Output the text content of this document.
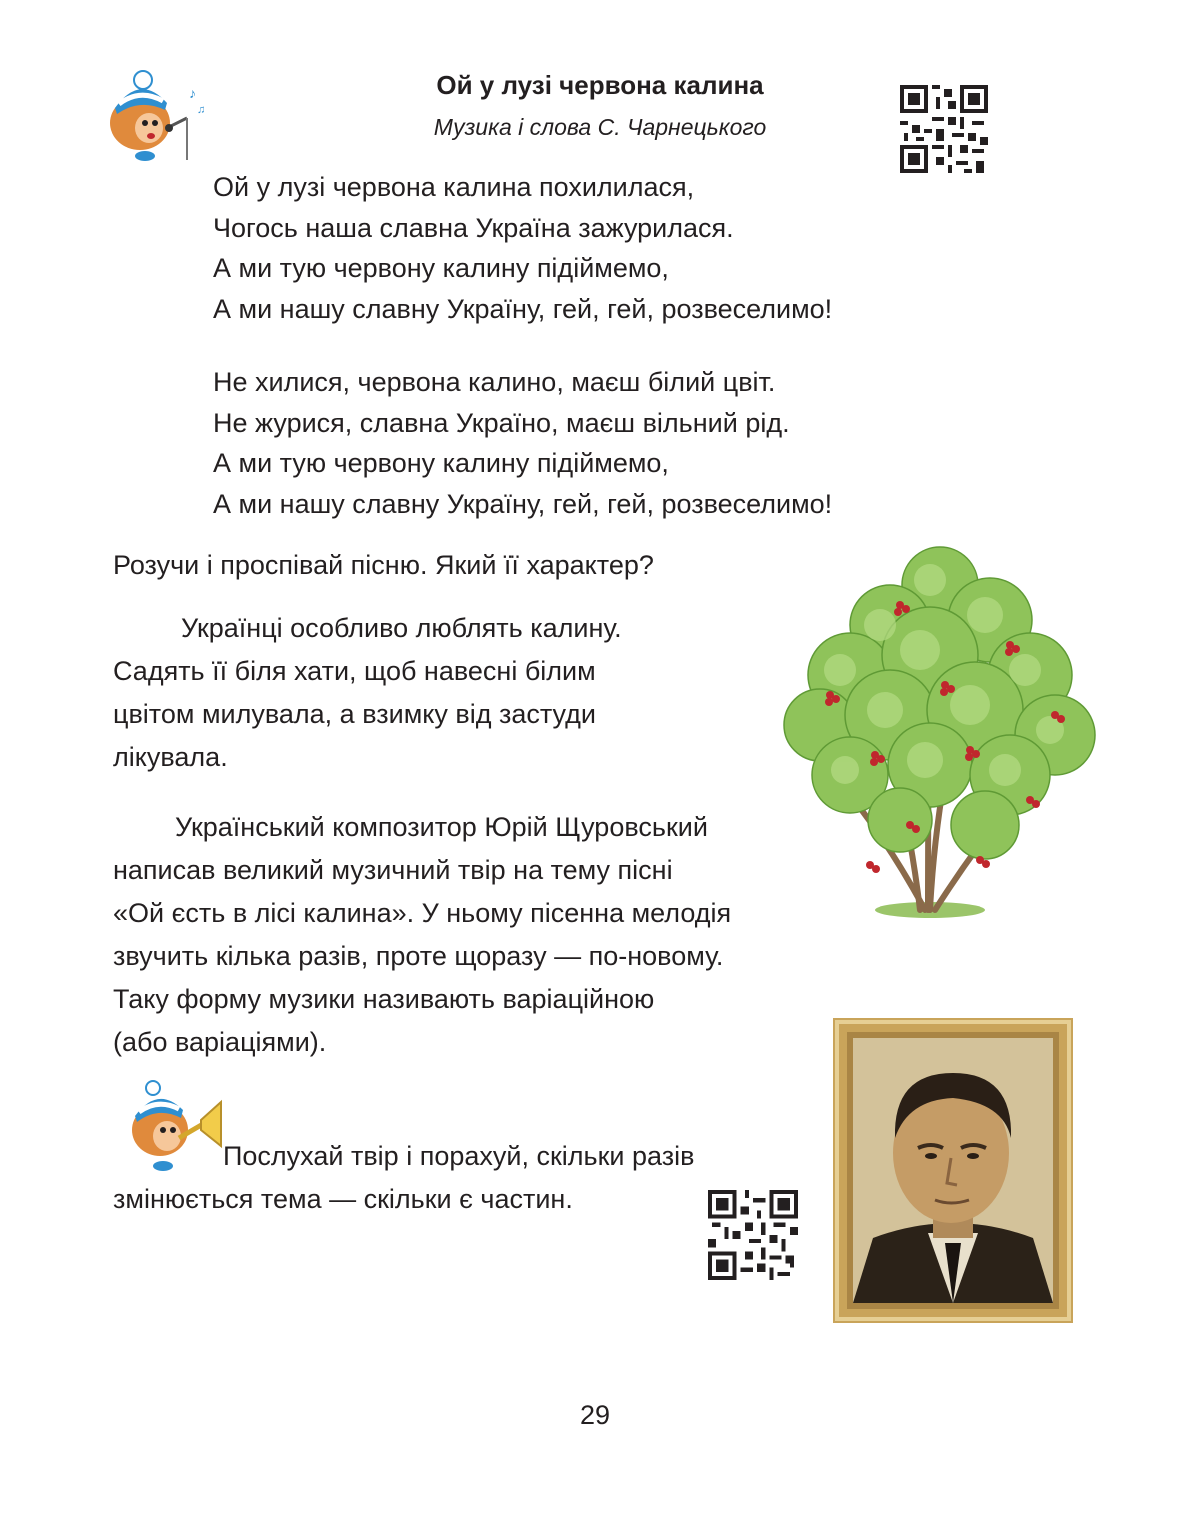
♪
♫
Ой у лузі червона калина
Музика і слова С. Чарнецького
Ой у лузі червона калина похилилася,
Чогось наша славна Україна зажурилася.
А ми тую червону калину підіймемо,
А ми нашу славну Україну, гей, гей, розвеселимо!
Не хилися, червона калино, маєш білий цвіт.
Не журися, славна Україно, маєш вільний рід.
А ми тую червону калину підіймемо,
А ми нашу славну Україну, гей, гей, розвеселимо!
Розучи і проспівай пісню. Який її характер?
Українці особливо люблять калину.
Садять її біля хати, щоб навесні білим
цвітом милувала, а взимку від застуди
лікувала.
Український композитор Юрій Щуровський
написав великий музичний твір на тему пісні
«Ой єсть в лісі калина». У ньому пісенна мелодія
звучить кілька разів, проте щоразу — по-новому.
Таку форму музики називають варіаційною
(або варіаціями).
Послухай твір і порахуй, скільки разів
змінюється тема — скільки є частин.
29
